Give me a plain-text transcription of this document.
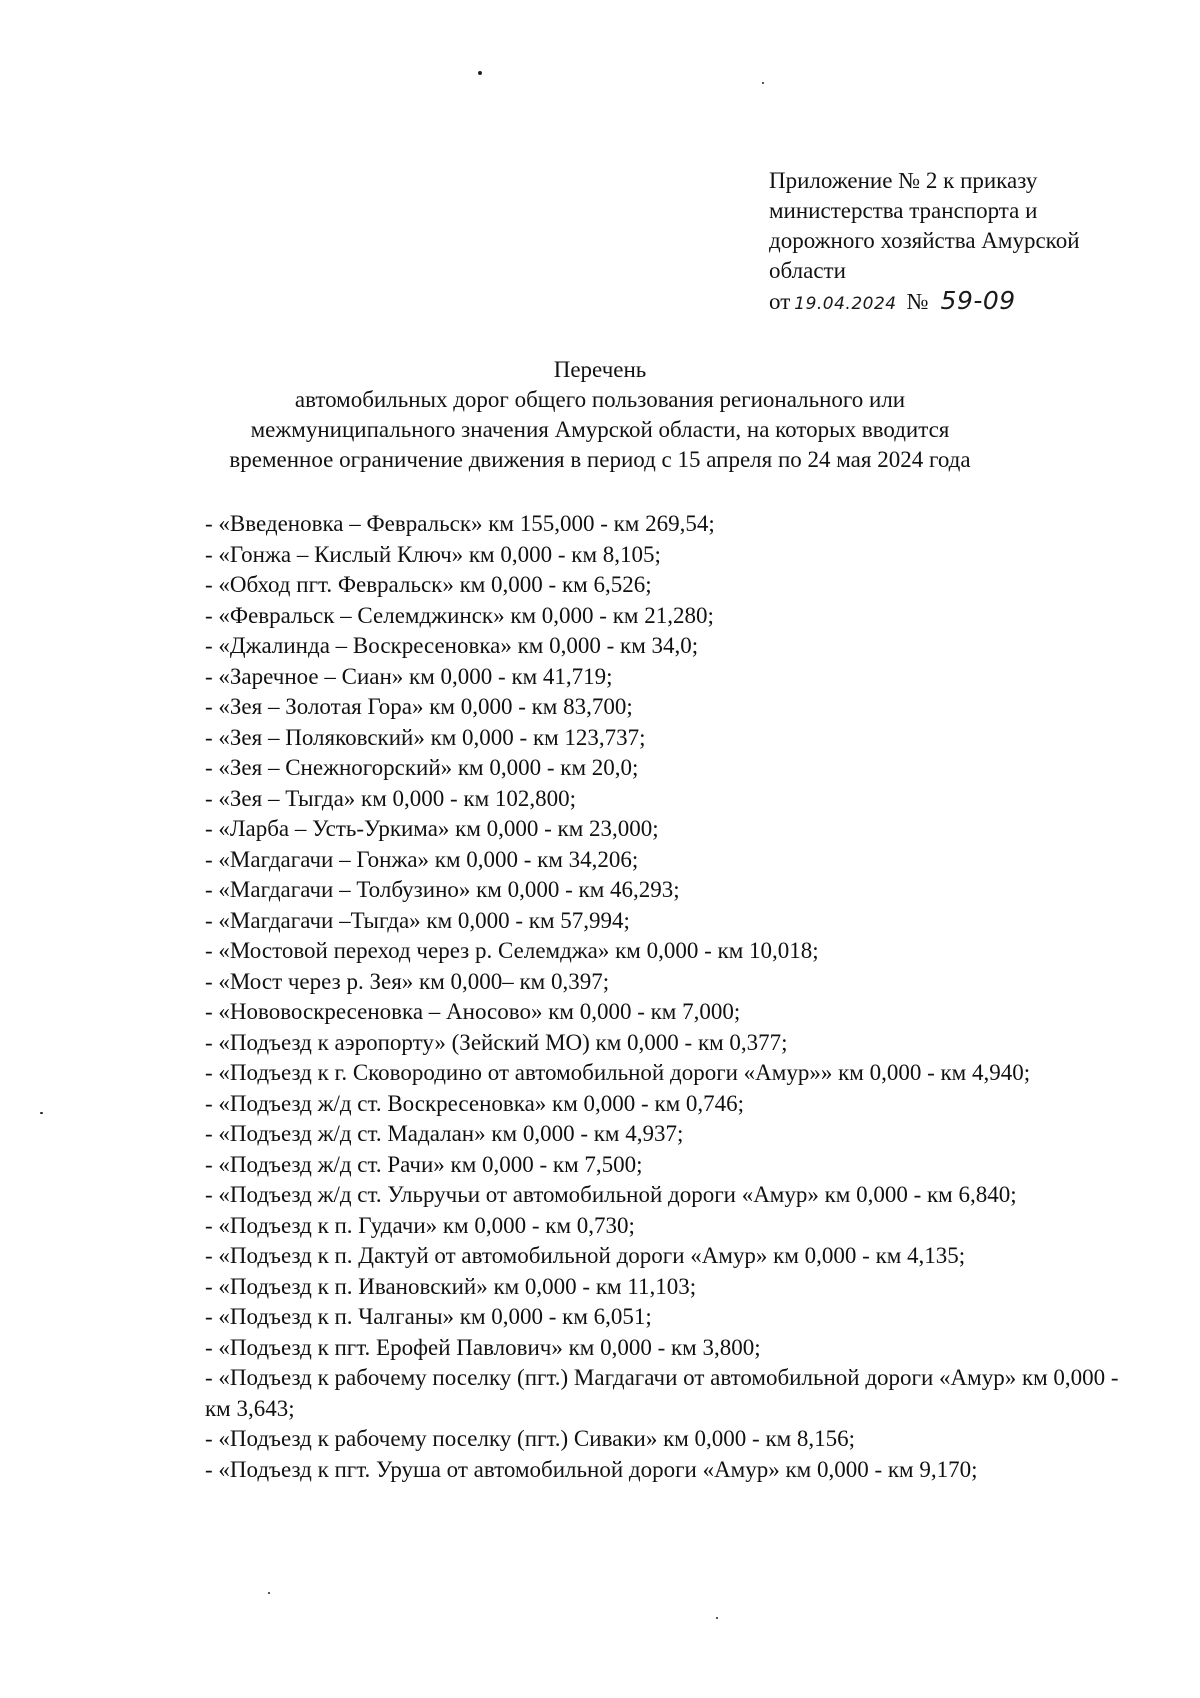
Приложение № 2 к приказу
министерства транспорта и
дорожного хозяйства Амурской
области
от 19.04.2024 № 59-09
Перечень
автомобильных дорог общего пользования регионального или
межмуниципального значения Амурской области, на которых вводится
временное ограничение движения в период с 15 апреля по 24 мая 2024 года
- «Введеновка – Февральск» км 155,000 - км 269,54;
- «Гонжа – Кислый Ключ» км 0,000 - км 8,105;
- «Обход пгт. Февральск» км 0,000 - км 6,526;
- «Февральск – Селемджинск» км 0,000 - км 21,280;
- «Джалинда – Воскресеновка» км 0,000 - км 34,0;
- «Заречное – Сиан» км 0,000 - км 41,719;
- «Зея – Золотая Гора» км 0,000 - км 83,700;
- «Зея – Поляковский» км 0,000 - км 123,737;
- «Зея – Снежногорский» км 0,000 - км 20,0;
- «Зея – Тыгда» км 0,000 - км 102,800;
- «Ларба – Усть-Уркима» км 0,000 - км 23,000;
- «Магдагачи – Гонжа» км 0,000 - км 34,206;
- «Магдагачи – Толбузино» км 0,000 - км 46,293;
- «Магдагачи –Тыгда» км 0,000 - км 57,994;
- «Мостовой переход через р. Селемджа» км 0,000 - км 10,018;
- «Мост через р. Зея» км 0,000– км 0,397;
- «Нововоскресеновка – Аносово» км 0,000 - км 7,000;
- «Подъезд к аэропорту» (Зейский МО) км 0,000 - км 0,377;
- «Подъезд к г. Сковородино от автомобильной дороги «Амур»» км 0,000 - км 4,940;
- «Подъезд ж/д ст. Воскресеновка» км 0,000 - км 0,746;
- «Подъезд ж/д ст. Мадалан» км 0,000 - км 4,937;
- «Подъезд ж/д ст. Рачи» км 0,000 - км 7,500;
- «Подъезд ж/д ст. Ульручьи от автомобильной дороги «Амур» км 0,000 - км 6,840;
- «Подъезд к п. Гудачи» км 0,000 - км 0,730;
- «Подъезд к п. Дактуй от автомобильной дороги «Амур» км 0,000 - км 4,135;
- «Подъезд к п. Ивановский» км 0,000 - км 11,103;
- «Подъезд к п. Чалганы» км 0,000 - км 6,051;
- «Подъезд к пгт. Ерофей Павлович» км 0,000 - км 3,800;
- «Подъезд к рабочему поселку (пгт.) Магдагачи от автомобильной дороги «Амур» км 0,000 - км 3,643;
- «Подъезд к рабочему поселку (пгт.) Сиваки» км 0,000 - км 8,156;
- «Подъезд к пгт. Уруша от автомобильной дороги «Амур» км 0,000 - км 9,170;
